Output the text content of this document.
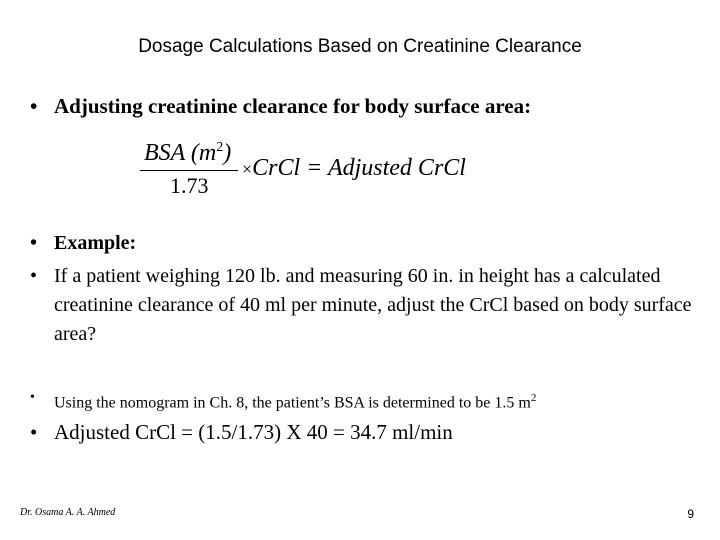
Dosage Calculations Based on Creatinine Clearance
• Adjusting creatinine clearance for body surface area:
BSA $(m^2)$
1.73
×CrCl = Adjusted CrCl
• Example:
• If a patient weighing 120 lb. and measuring 60 in. in height has a calculated creatinine clearance of 40 ml per minute, adjust the CrCl based on body surface area?
• Using the nomogram in Ch. 8, the patient’s BSA is determined to be 1.5 $m^2$
• Adjusted CrCl = (1.5/1.73) X 40 = 34.7 ml/min
Dr. Osama A. A. Ahmed	9
